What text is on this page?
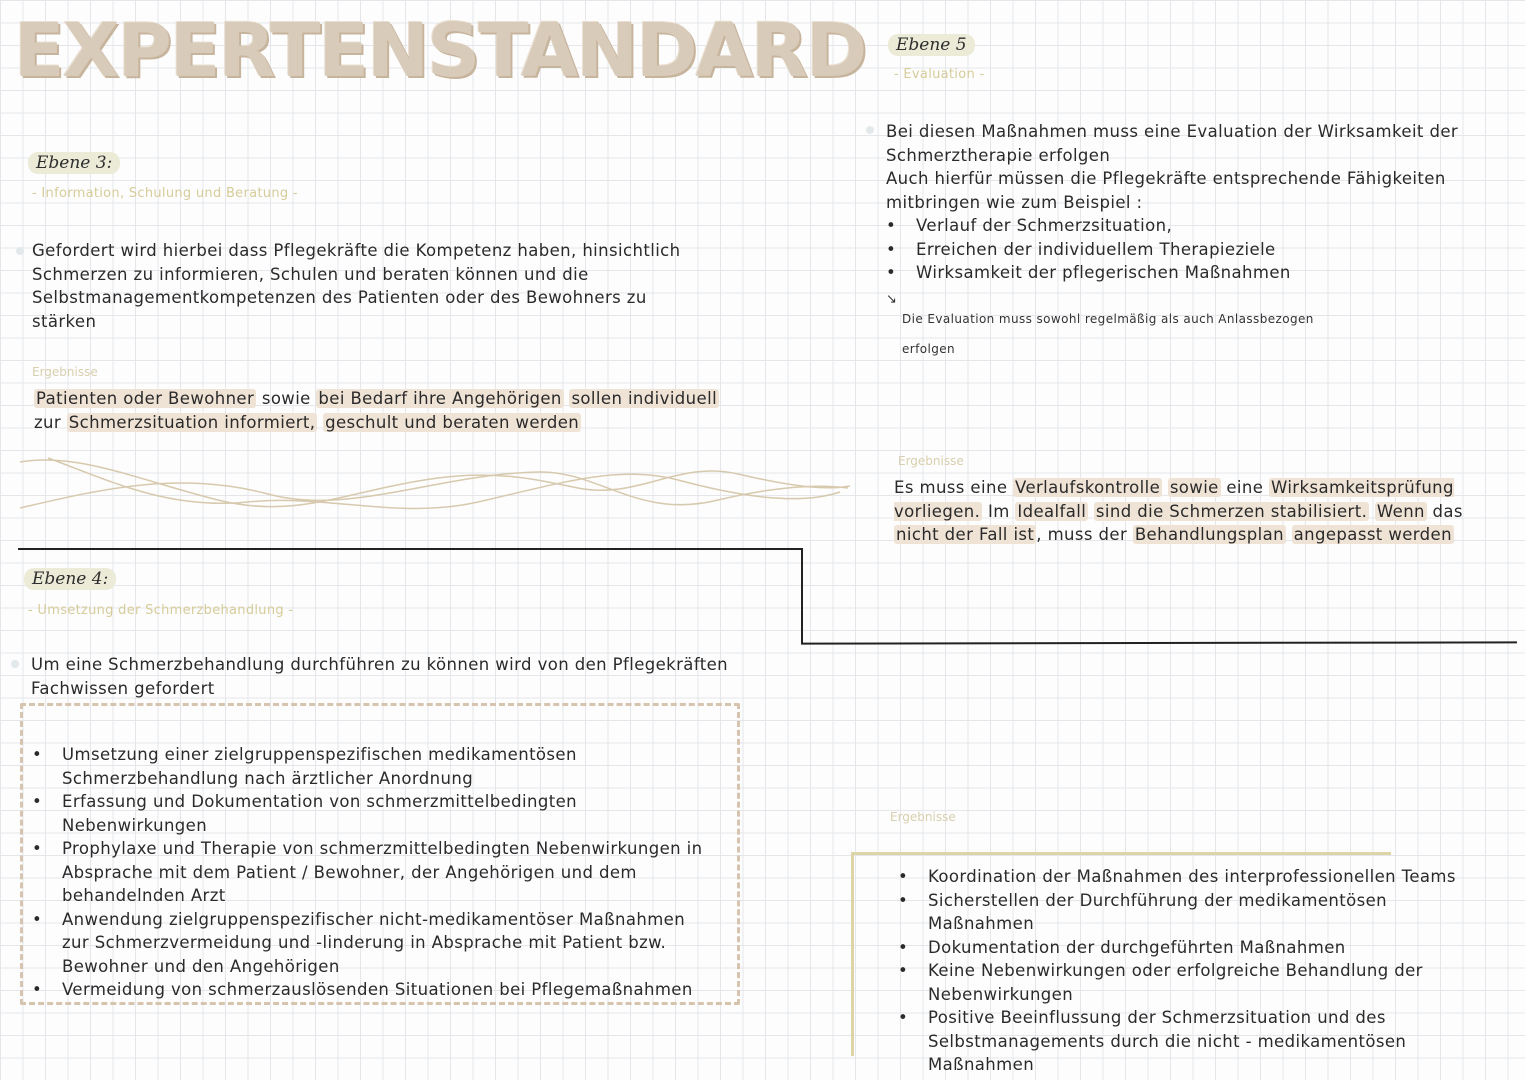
EXPERTENSTANDARD
Ebene 3:
- Information, Schulung und Beratung -
Gefordert wird hierbei dass Pflegekräfte die Kompetenz haben, hinsichtlich Schmerzen zu informieren, Schulen und beraten können und die Selbstmanagementkompetenzen des Patienten oder des Bewohners zu stärken
Ergebnisse
Patienten oder Bewohner sowie bei Bedarf ihre Angehörigen sollen individuell zur Schmerzsituation informiert, geschult und beraten werden
Ebene 4:
- Umsetzung der Schmerzbehandlung -
Um eine Schmerzbehandlung durchführen zu können wird von den Pflegekräften Fachwissen gefordert
• Umsetzung einer zielgruppenspezifischen medikamentösen Schmerzbehandlung nach ärztlicher Anordnung
• Erfassung und Dokumentation von schmerzmittelbedingten Nebenwirkungen
• Prophylaxe und Therapie von schmerzmittelbedingten Nebenwirkungen in Absprache mit dem Patient / Bewohner, der Angehörigen und dem behandelnden Arzt
• Anwendung zielgruppenspezifischer nicht-medikamentöser Maßnahmen zur Schmerzvermeidung und -linderung in Absprache mit Patient bzw. Bewohner und den Angehörigen
• Vermeidung von schmerzauslösenden Situationen bei Pflegemaßnahmen
Ebene 5
- Evaluation -
Bei diesen Maßnahmen muss eine Evaluation der Wirksamkeit der Schmerztherapie erfolgen
Auch hierfür müssen die Pflegekräfte entsprechende Fähigkeiten mitbringen wie zum Beispiel :
• Verlauf der Schmerzsituation,
• Erreichen der individuellem Therapieziele
• Wirksamkeit der pflegerischen Maßnahmen
↘
Die Evaluation muss sowohl regelmäßig als auch Anlassbezogen erfolgen
Ergebnisse
Es muss eine Verlaufskontrolle sowie eine Wirksamkeitsprüfung vorliegen. Im Idealfall sind die Schmerzen stabilisiert. Wenn das nicht der Fall ist , muss der Behandlungsplan angepasst werden
Ergebnisse
• Koordination der Maßnahmen des interprofessionellen Teams
• Sicherstellen der Durchführung der medikamentösen Maßnahmen
• Dokumentation der durchgeführten Maßnahmen
• Keine Nebenwirkungen oder erfolgreiche Behandlung der Nebenwirkungen
• Positive Beeinflussung der Schmerzsituation und des Selbstmanagements durch die nicht - medikamentösen Maßnahmen
